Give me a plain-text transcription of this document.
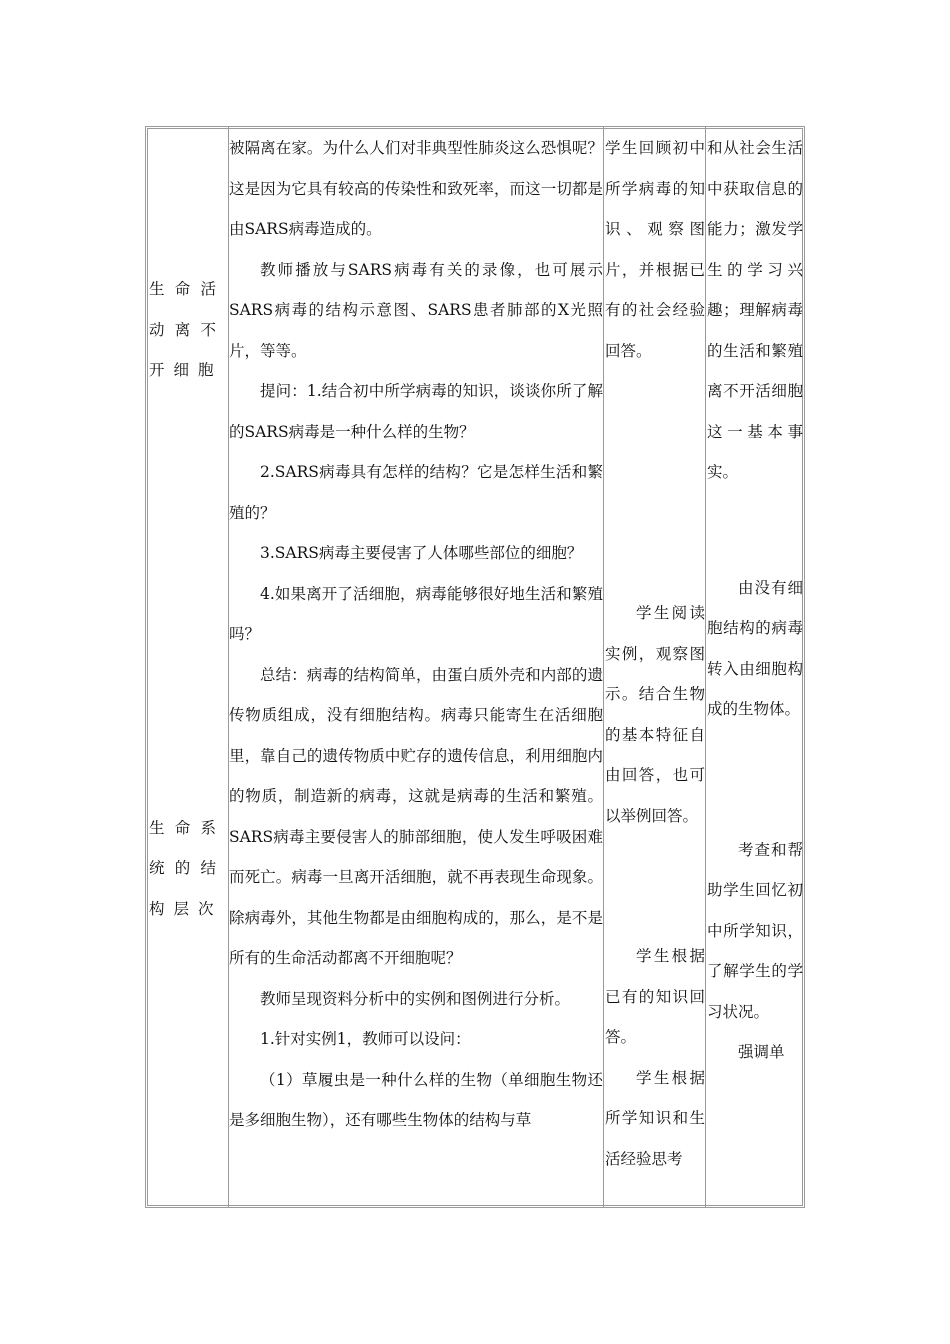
生命活动离不开细胞

生命系统的结构层次

被隔离在家。为什么人们对非典型性肺炎这么恐惧呢？这是因为它具有较高的传染性和致死率，而这一切都是由SARS病毒造成的。

教师播放与SARS病毒有关的录像，也可展示SARS病毒的结构示意图、SARS患者肺部的X光照片，等等。

提问：1.结合初中所学病毒的知识，谈谈你所了解的SARS病毒是一种什么样的生物？

2.SARS病毒具有怎样的结构？它是怎样生活和繁殖的？

3.SARS病毒主要侵害了人体哪些部位的细胞？

4.如果离开了活细胞，病毒能够很好地生活和繁殖吗？

总结：病毒的结构简单，由蛋白质外壳和内部的遗传物质组成，没有细胞结构。病毒只能寄生在活细胞里，靠自己的遗传物质中贮存的遗传信息，利用细胞内的物质，制造新的病毒，这就是病毒的生活和繁殖。SARS病毒主要侵害人的肺部细胞，使人发生呼吸困难而死亡。病毒一旦离开活细胞，就不再表现生命现象。除病毒外，其他生物都是由细胞构成的，那么，是不是所有的生命活动都离不开细胞呢？

教师呈现资料分析中的实例和图例进行分析。

1.针对实例1，教师可以设问：

（1）草履虫是一种什么样的生物（单细胞生物还是多细胞生物），还有哪些生物体的结构与草

学生回顾初中所学病毒的知识、观察图片，并根据已有的社会经验回答。

学生阅读实例，观察图示。结合生物的基本特征自由回答，也可以举例回答。

学生根据已有的知识回答。

学生根据所学知识和生活经验思考

和从社会生活中获取信息的能力；激发学生的学习兴趣；理解病毒的生活和繁殖离不开活细胞这一基本事实。

由没有细胞结构的病毒转入由细胞构成的生物体。

考查和帮助学生回忆初中所学知识，了解学生的学习状况。

强调单
